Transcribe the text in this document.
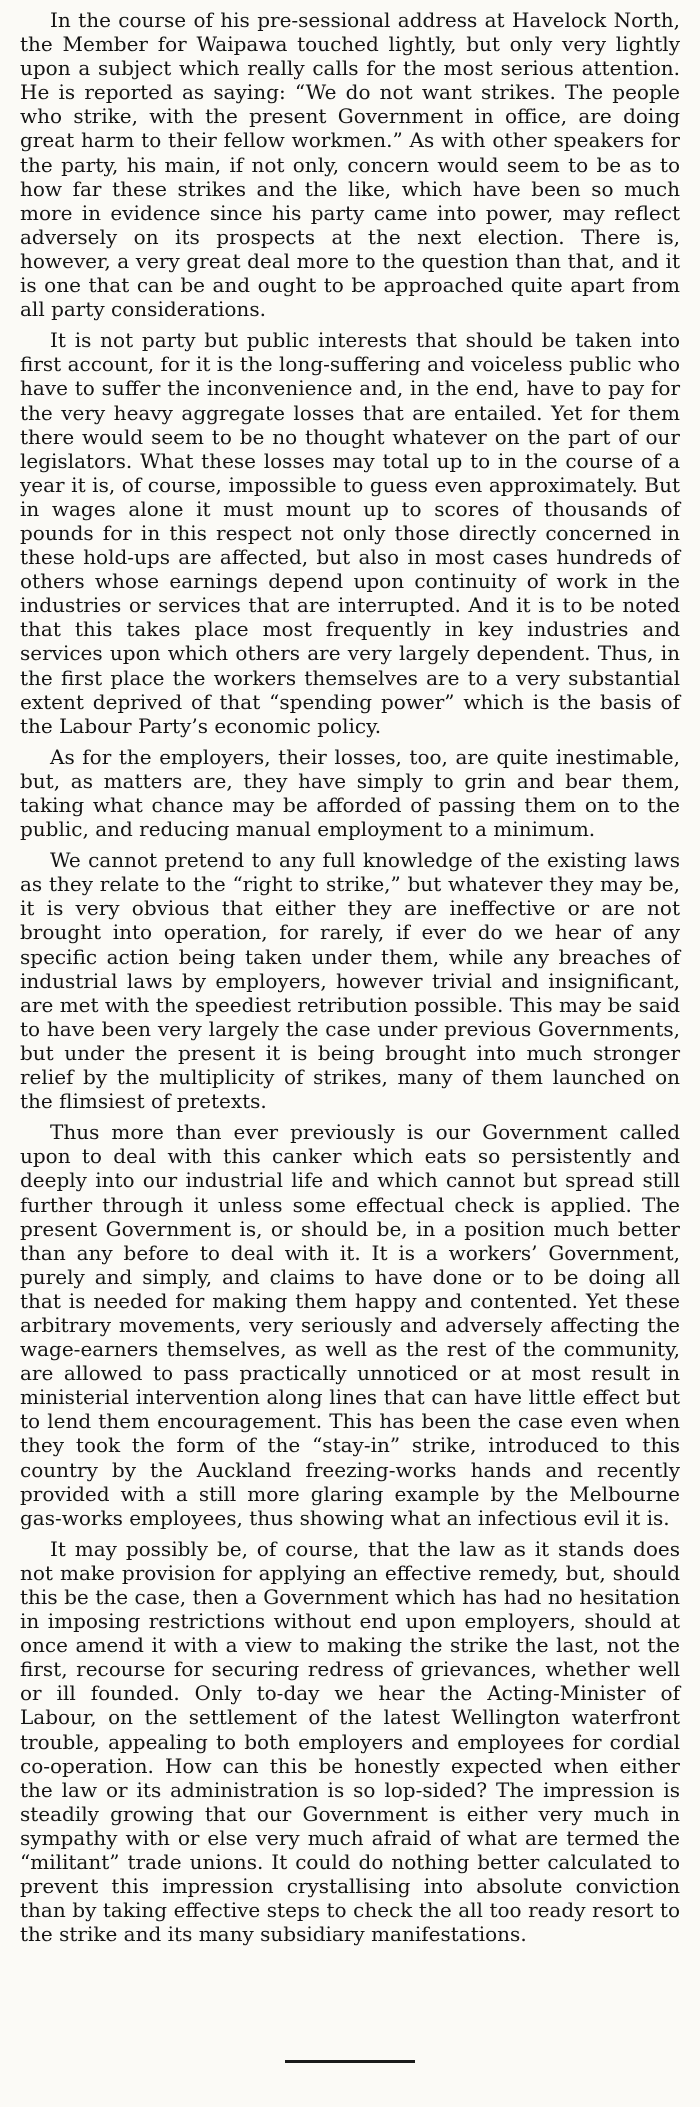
In the course of his pre-sessional address at Havelock North, the Member for Waipawa touched lightly, but only very lightly upon a subject which really calls for the most serious attention. He is reported as saying: “We do not want strikes. The people who strike, with the present Government in office, are doing great harm to their fellow workmen.” As with other speakers for the party, his main, if not only, concern would seem to be as to how far these strikes and the like, which have been so much more in evidence since his party came into power, may reflect adversely on its prospects at the next election. There is, however, a very great deal more to the question than that, and it is one that can be and ought to be approached quite apart from all party considerations.

It is not party but public interests that should be taken into first account, for it is the long-suffering and voiceless public who have to suffer the inconvenience and, in the end, have to pay for the very heavy aggregate losses that are entailed. Yet for them there would seem to be no thought whatever on the part of our legislators. What these losses may total up to in the course of a year it is, of course, impossible to guess even approximately. But in wages alone it must mount up to scores of thousands of pounds for in this respect not only those directly concerned in these hold-ups are affected, but also in most cases hundreds of others whose earnings depend upon continuity of work in the industries or services that are interrupted. And it is to be noted that this takes place most frequently in key industries and services upon which others are very largely dependent. Thus, in the first place the workers themselves are to a very substantial extent deprived of that “spending power” which is the basis of the Labour Party’s economic policy.

As for the employers, their losses, too, are quite inestimable, but, as matters are, they have simply to grin and bear them, taking what chance may be afforded of passing them on to the public, and reducing manual employment to a minimum.

We cannot pretend to any full knowledge of the existing laws as they relate to the “right to strike,” but whatever they may be, it is very obvious that either they are ineffective or are not brought into operation, for rarely, if ever do we hear of any specific action being taken under them, while any breaches of industrial laws by employers, however trivial and insignificant, are met with the speediest retribution possible. This may be said to have been very largely the case under previous Governments, but under the present it is being brought into much stronger relief by the multiplicity of strikes, many of them launched on the flimsiest of pretexts.

Thus more than ever previously is our Government called upon to deal with this canker which eats so persistently and deeply into our industrial life and which cannot but spread still further through it unless some effectual check is applied. The present Government is, or should be, in a position much better than any before to deal with it. It is a workers’ Government, purely and simply, and claims to have done or to be doing all that is needed for making them happy and contented. Yet these arbitrary movements, very seriously and adversely affecting the wage-earners themselves, as well as the rest of the community, are allowed to pass practically unnoticed or at most result in ministerial intervention along lines that can have little effect but to lend them encouragement. This has been the case even when they took the form of the “stay-in” strike, introduced to this country by the Auckland freezing-works hands and recently provided with a still more glaring example by the Melbourne gas-works employees, thus showing what an infectious evil it is.

It may possibly be, of course, that the law as it stands does not make provision for applying an effective remedy, but, should this be the case, then a Government which has had no hesitation in imposing restrictions without end upon employers, should at once amend it with a view to making the strike the last, not the first, recourse for securing redress of grievances, whether well or ill founded. Only to-day we hear the Acting-Minister of Labour, on the settlement of the latest Wellington waterfront trouble, appealing to both employers and employees for cordial co-operation. How can this be honestly expected when either the law or its administration is so lop-sided? The impression is steadily growing that our Government is either very much in sympathy with or else very much afraid of what are termed the “militant” trade unions. It could do nothing better calculated to prevent this impression crystallising into absolute conviction than by taking effective steps to check the all too ready resort to the strike and its many subsidiary manifestations.
